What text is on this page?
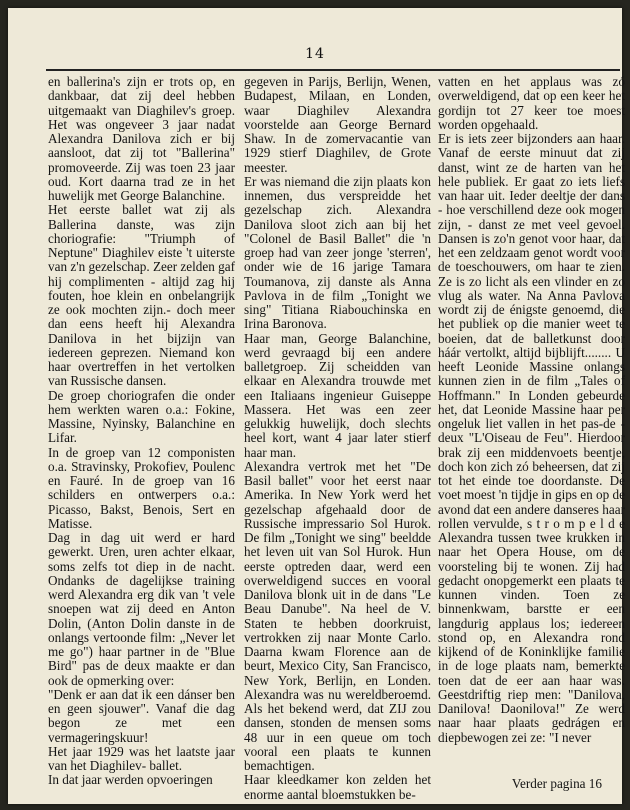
14

en ballerina's zijn er trots op, en dankbaar, dat zij deel hebben uitgemaakt van Diaghilev's groep. Het was ongeveer 3 jaar nadat Alexandra Danilova zich er bij aansloot, dat zij tot "Ballerina" promoveerde. Zij was toen 23 jaar oud. Kort daarna trad ze in het huwelijk met George Balanchine.

Het eerste ballet wat zij als Ballerina danste, was zijn choriografie: "Triumph of Neptune" Diaghilev eiste 't uiterste van z'n gezelschap. Zeer zelden gaf hij complimenten - altijd zag hij fouten, hoe klein en onbelangrijk ze ook mochten zijn.- doch meer dan eens heeft hij Alexandra Danilova in het bijzijn van iedereen geprezen. Niemand kon haar overtreffen in het vertolken van Russische dansen.

De groep choriografen die onder hem werkten waren o.a.: Fokine, Massine, Nyinsky, Balanchine en Lifar.

In de groep van 12 componisten o.a. Stravinsky, Prokofiev, Poulenc en Fauré. In de groep van 16 schilders en ontwerpers o.a.: Picasso, Bakst, Benois, Sert en Matisse.

Dag in dag uit werd er hard gewerkt. Uren, uren achter elkaar, soms zelfs tot diep in de nacht. Ondanks de dagelijkse training werd Alexandra erg dik van 't vele snoepen wat zij deed en Anton Dolin, (Anton Dolin danste in de onlangs vertoonde film: „Never let me go") haar partner in de "Blue Bird" pas de deux maakte er dan ook de opmerking over:

"Denk er aan dat ik een dánser ben en geen sjouwer". Vanaf die dag begon ze met een vermageringskuur!

Het jaar 1929 was het laatste jaar van het Diaghilev- ballet.

In dat jaar werden opvoeringen

gegeven in Parijs, Berlijn, Wenen, Budapest, Milaan, en Londen, waar Diaghilev Alexandra voorstelde aan George Bernard Shaw. In de zomervacantie van 1929 stierf Diaghilev, de Grote meester.

Er was niemand die zijn plaats kon innemen, dus verspreidde het gezelschap zich. Alexandra Danilova sloot zich aan bij het "Colonel de Basil Ballet" die 'n groep had van zeer jonge 'sterren', onder wie de 16 jarige Tamara Toumanova, zij danste als Anna Pavlova in de film „Tonight we sing" Titiana Riabouchinska en Irina Baronova.

Haar man, George Balanchine, werd gevraagd bij een andere balletgroep. Zij scheidden van elkaar en Alexandra trouwde met een Italiaans ingenieur Guiseppe Massera. Het was een zeer gelukkig huwelijk, doch slechts heel kort, want 4 jaar later stierf haar man.

Alexandra vertrok met het "De Basil ballet" voor het eerst naar Amerika. In New York werd het gezelschap afgehaald door de Russische impressario Sol Hurok. De film „Tonight we sing" beeldde het leven uit van Sol Hurok. Hun eerste optreden daar, werd een overweldigend succes en vooral Danilova blonk uit in de dans "Le Beau Danube". Na heel de V. Staten te hebben doorkruist, vertrokken zij naar Monte Carlo. Daarna kwam Florence aan de beurt, Mexico City, San Francisco, New York, Berlijn, en Londen. Alexandra was nu wereldberoemd. Als het bekend werd, dat ZIJ zou dansen, stonden de mensen soms 48 uur in een queue om toch vooral een plaats te kunnen bemachtigen.

Haar kleedkamer kon zelden het enorme aantal bloemstukken be-

vatten en het applaus was zó overweldigend, dat op een keer het gordijn tot 27 keer toe moest worden opgehaald.

Er is iets zeer bijzonders aan haar. Vanaf de eerste minuut dat zij danst, wint ze de harten van het hele publiek. Er gaat zo iets liefs van haar uit. Ieder deeltje der dans - hoe verschillend deze ook mogen zijn, - danst ze met veel gevoel. Dansen is zo'n genot voor haar, dat het een zeldzaam genot wordt voor de toeschouwers, om haar te zien. Ze is zo licht als een vlinder en zo vlug als water. Na Anna Pavlova wordt zij de énigste genoemd, die het publiek op die manier weet te boeien, dat de balletkunst door háár vertolkt, altijd bijblijft........ U heeft Leonide Massine onlangs kunnen zien in de film „Tales of Hoffmann." In Londen gebeurde het, dat Leonide Massine haar per ongeluk liet vallen in het pas-de - deux "L'Oiseau de Feu". Hierdoor brak zij een middenvoets beentje, doch kon zich zó beheersen, dat zij tot het einde toe doordanste. De voet moest 'n tijdje in gips en op de avond dat een andere danseres haar rollen vervulde, s t r o m p e l d e Alexandra tussen twee krukken in naar het Opera House, om de voorsteling bij te wonen. Zij had gedacht onopgemerkt een plaats te kunnen vinden. Toen ze binnenkwam, barstte er een langdurig applaus los; iedereen stond op, en Alexandra rond kijkend of de Koninklijke familie in de loge plaats nam, bemerkte toen dat de eer aan haar was. Geestdriftig riep men: "Danilova, Danilova! Daonilova!" Ze werd naar haar plaats gedrágen en diepbewogen zei ze: "I never

Verder pagina 16
